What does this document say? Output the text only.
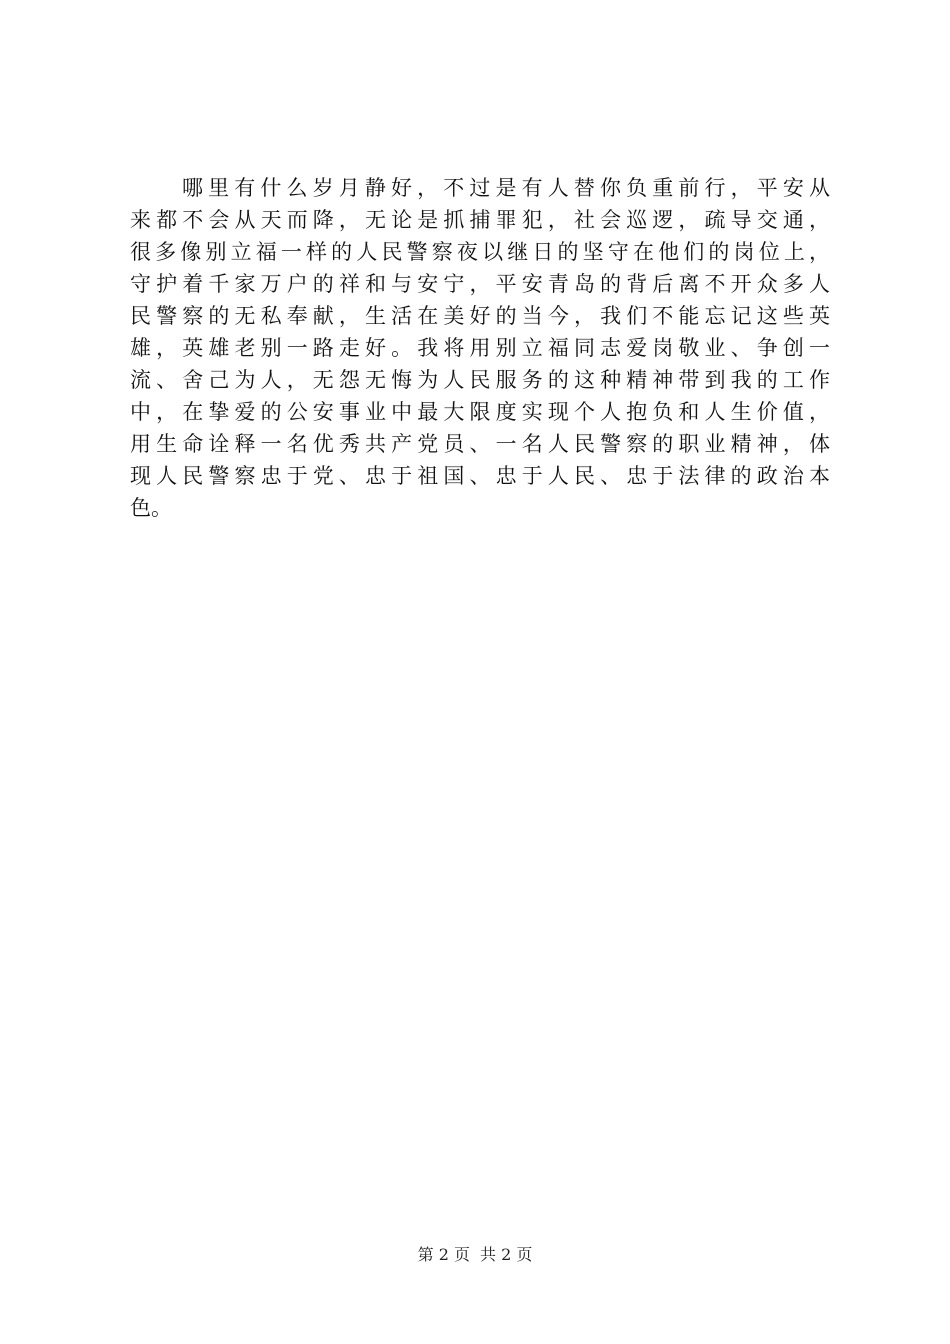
哪里有什么岁月静好，不过是有人替你负重前行，平安从
来都不会从天而降，无论是抓捕罪犯，社会巡逻，疏导交通，
很多像别立福一样的人民警察夜以继日的坚守在他们的岗位上，
守护着千家万户的祥和与安宁，平安青岛的背后离不开众多人
民警察的无私奉献，生活在美好的当今，我们不能忘记这些英
雄，英雄老别一路走好。我将用别立福同志爱岗敬业、争创一
流、舍己为人，无怨无悔为人民服务的这种精神带到我的工作
中，在挚爱的公安事业中最大限度实现个人抱负和人生价值，
用生命诠释一名优秀共产党员、一名人民警察的职业精神，体
现人民警察忠于党、忠于祖国、忠于人民、忠于法律的政治本
色。
第 2 页 共 2 页
